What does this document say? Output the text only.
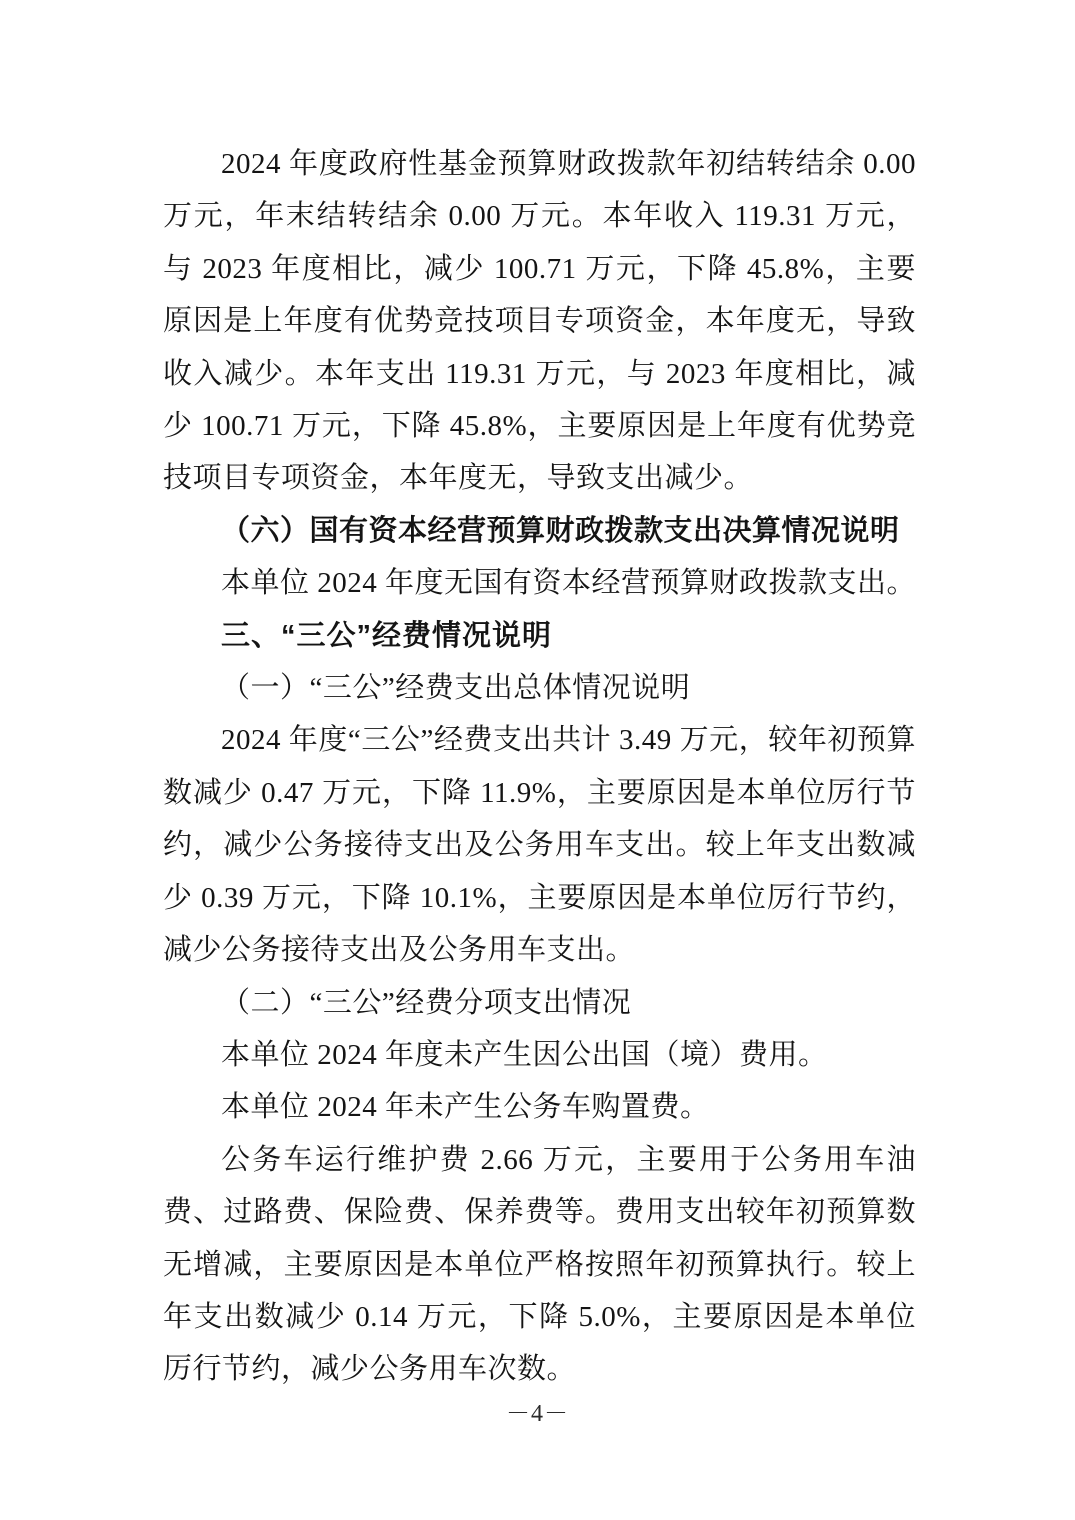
2024 年度政府性基金预算财政拨款年初结转结余 0.00 万元，年末结转结余 0.00 万元。本年收入 119.31 万元，与 2023 年度相比，减少 100.71 万元，下降 45.8%，主要原因是上年度有优势竞技项目专项资金，本年度无，导致收入减少。本年支出 119.31 万元，与 2023 年度相比，减少 100.71 万元，下降 45.8%，主要原因是上年度有优势竞技项目专项资金，本年度无，导致支出减少。

（六）国有资本经营预算财政拨款支出决算情况说明

本单位 2024 年度无国有资本经营预算财政拨款支出。

三、“三公”经费情况说明

（一）“三公”经费支出总体情况说明

2024 年度“三公”经费支出共计 3.49 万元，较年初预算数减少 0.47 万元，下降 11.9%，主要原因是本单位厉行节约，减少公务接待支出及公务用车支出。较上年支出数减少 0.39 万元，下降 10.1%，主要原因是本单位厉行节约，减少公务接待支出及公务用车支出。

（二）“三公”经费分项支出情况

本单位 2024 年度未产生因公出国（境）费用。

本单位 2024 年未产生公务车购置费。

公务车运行维护费 2.66 万元，主要用于公务用车油费、过路费、保险费、保养费等。费用支出较年初预算数无增减，主要原因是本单位严格按照年初预算执行。较上年支出数减少 0.14 万元，下降 5.0%，主要原因是本单位厉行节约，减少公务用车次数。

－4－
